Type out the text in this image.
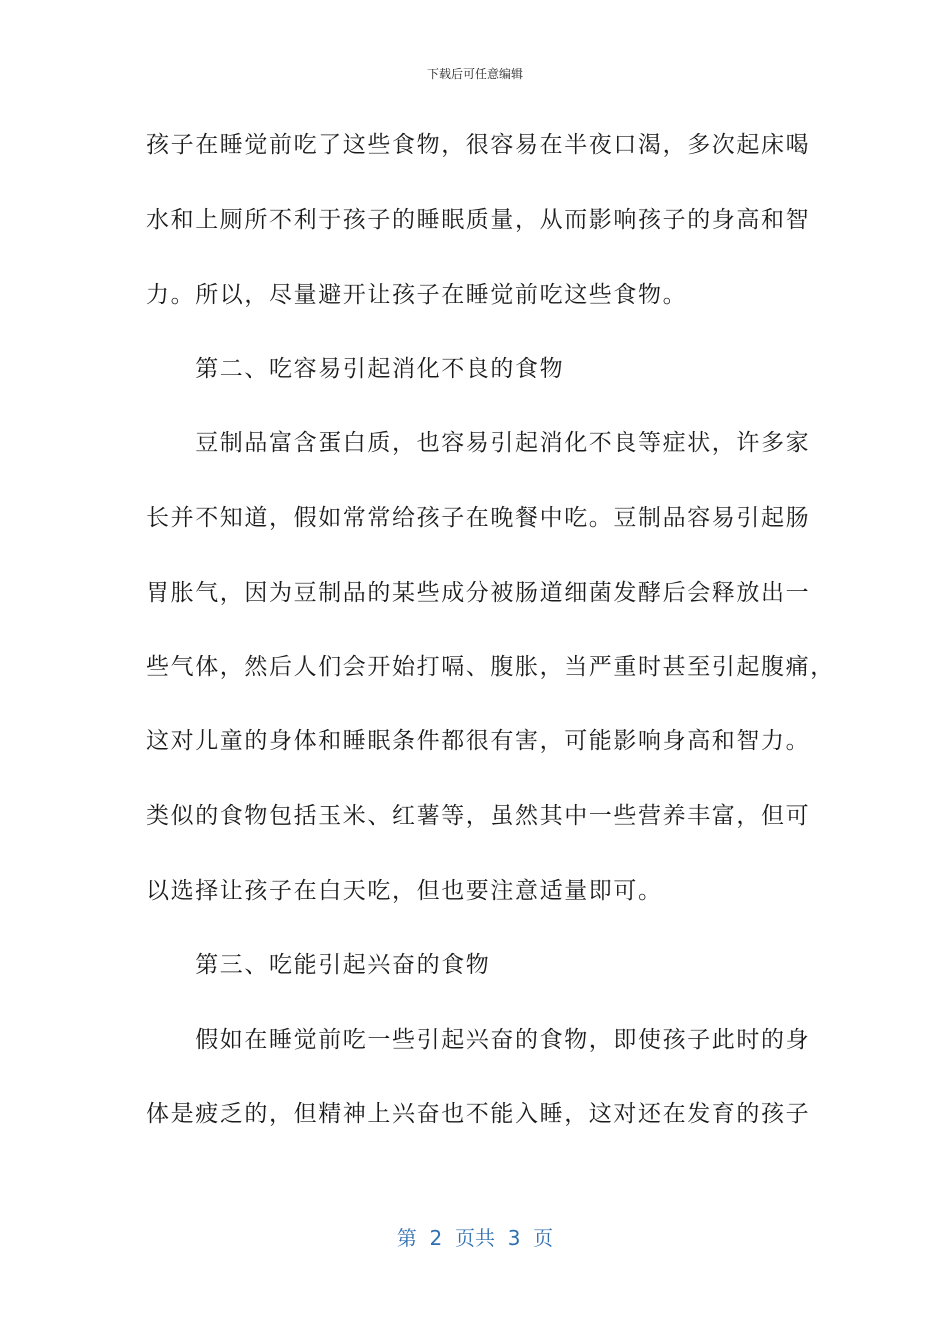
下载后可任意编辑
孩子在睡觉前吃了这些食物，很容易在半夜口渴，多次起床喝
水和上厕所不利于孩子的睡眠质量，从而影响孩子的身高和智
力。所以，尽量避开让孩子在睡觉前吃这些食物。
　　第二、吃容易引起消化不良的食物
　　豆制品富含蛋白质，也容易引起消化不良等症状，许多家
长并不知道，假如常常给孩子在晚餐中吃。豆制品容易引起肠
胃胀气，因为豆制品的某些成分被肠道细菌发酵后会释放出一
些气体，然后人们会开始打嗝、腹胀，当严重时甚至引起腹痛，
这对儿童的身体和睡眠条件都很有害，可能影响身高和智力。
类似的食物包括玉米、红薯等，虽然其中一些营养丰富，但可
以选择让孩子在白天吃，但也要注意适量即可。
　　第三、吃能引起兴奋的食物
　　假如在睡觉前吃一些引起兴奋的食物，即使孩子此时的身
体是疲乏的，但精神上兴奋也不能入睡，这对还在发育的孩子
第  2  页共  3  页
